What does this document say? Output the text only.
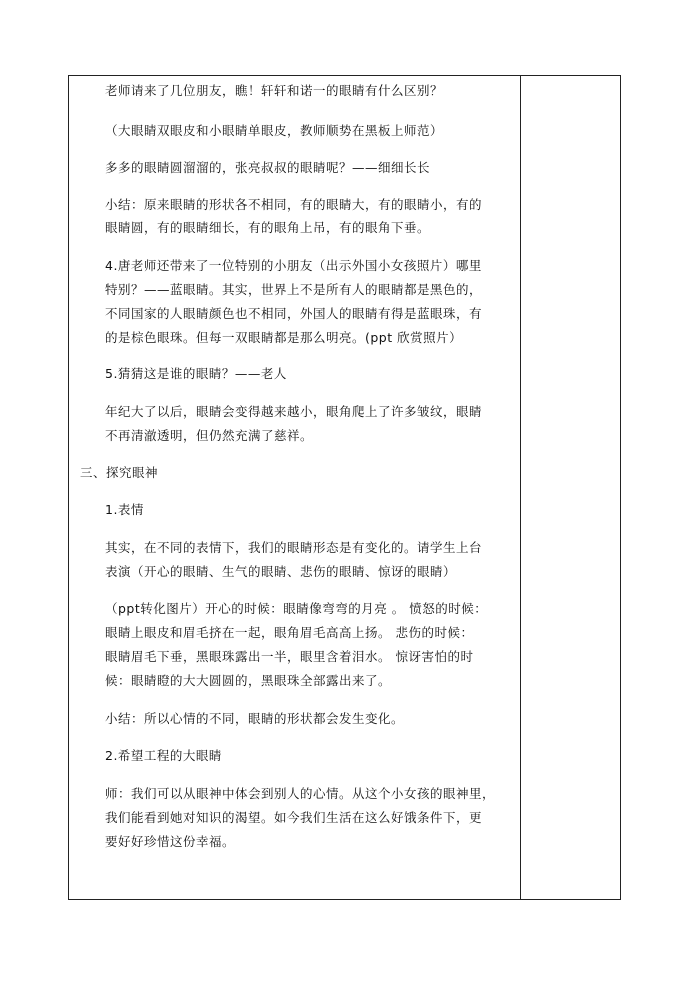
老师请来了几位朋友，瞧！轩轩和诺一的眼睛有什么区别？
（大眼睛双眼皮和小眼睛单眼皮，教师顺势在黑板上师范）
多多的眼睛圆溜溜的，张亮叔叔的眼睛呢？——细细长长
小结：原来眼睛的形状各不相同，有的眼睛大，有的眼睛小，有的
眼睛圆，有的眼睛细长，有的眼角上吊，有的眼角下垂。
4.唐老师还带来了一位特别的小朋友（出示外国小女孩照片）哪里
特别？——蓝眼睛。其实，世界上不是所有人的眼睛都是黑色的，
不同国家的人眼睛颜色也不相同，外国人的眼睛有得是蓝眼珠，有
的是棕色眼珠。但每一双眼睛都是那么明亮。(ppt 欣赏照片）
5.猜猜这是谁的眼睛？——老人
年纪大了以后，眼睛会变得越来越小，眼角爬上了许多皱纹，眼睛
不再清澈透明，但仍然充满了慈祥。
三、探究眼神
1.表情
其实，在不同的表情下，我们的眼睛形态是有变化的。请学生上台
表演（开心的眼睛、生气的眼睛、悲伤的眼睛、惊讶的眼睛）
（ppt转化图片）开心的时候：眼睛像弯弯的月亮 。 愤怒的时候：
眼睛上眼皮和眉毛挤在一起，眼角眉毛高高上扬。 悲伤的时候：
眼睛眉毛下垂，黑眼珠露出一半，眼里含着泪水。 惊讶害怕的时
候：眼睛瞪的大大圆圆的，黑眼珠全部露出来了。
小结：所以心情的不同，眼睛的形状都会发生变化。
2.希望工程的大眼睛
师：我们可以从眼神中体会到别人的心情。从这个小女孩的眼神里，
我们能看到她对知识的渴望。如今我们生活在这么好饿条件下，更
要好好珍惜这份幸福。
